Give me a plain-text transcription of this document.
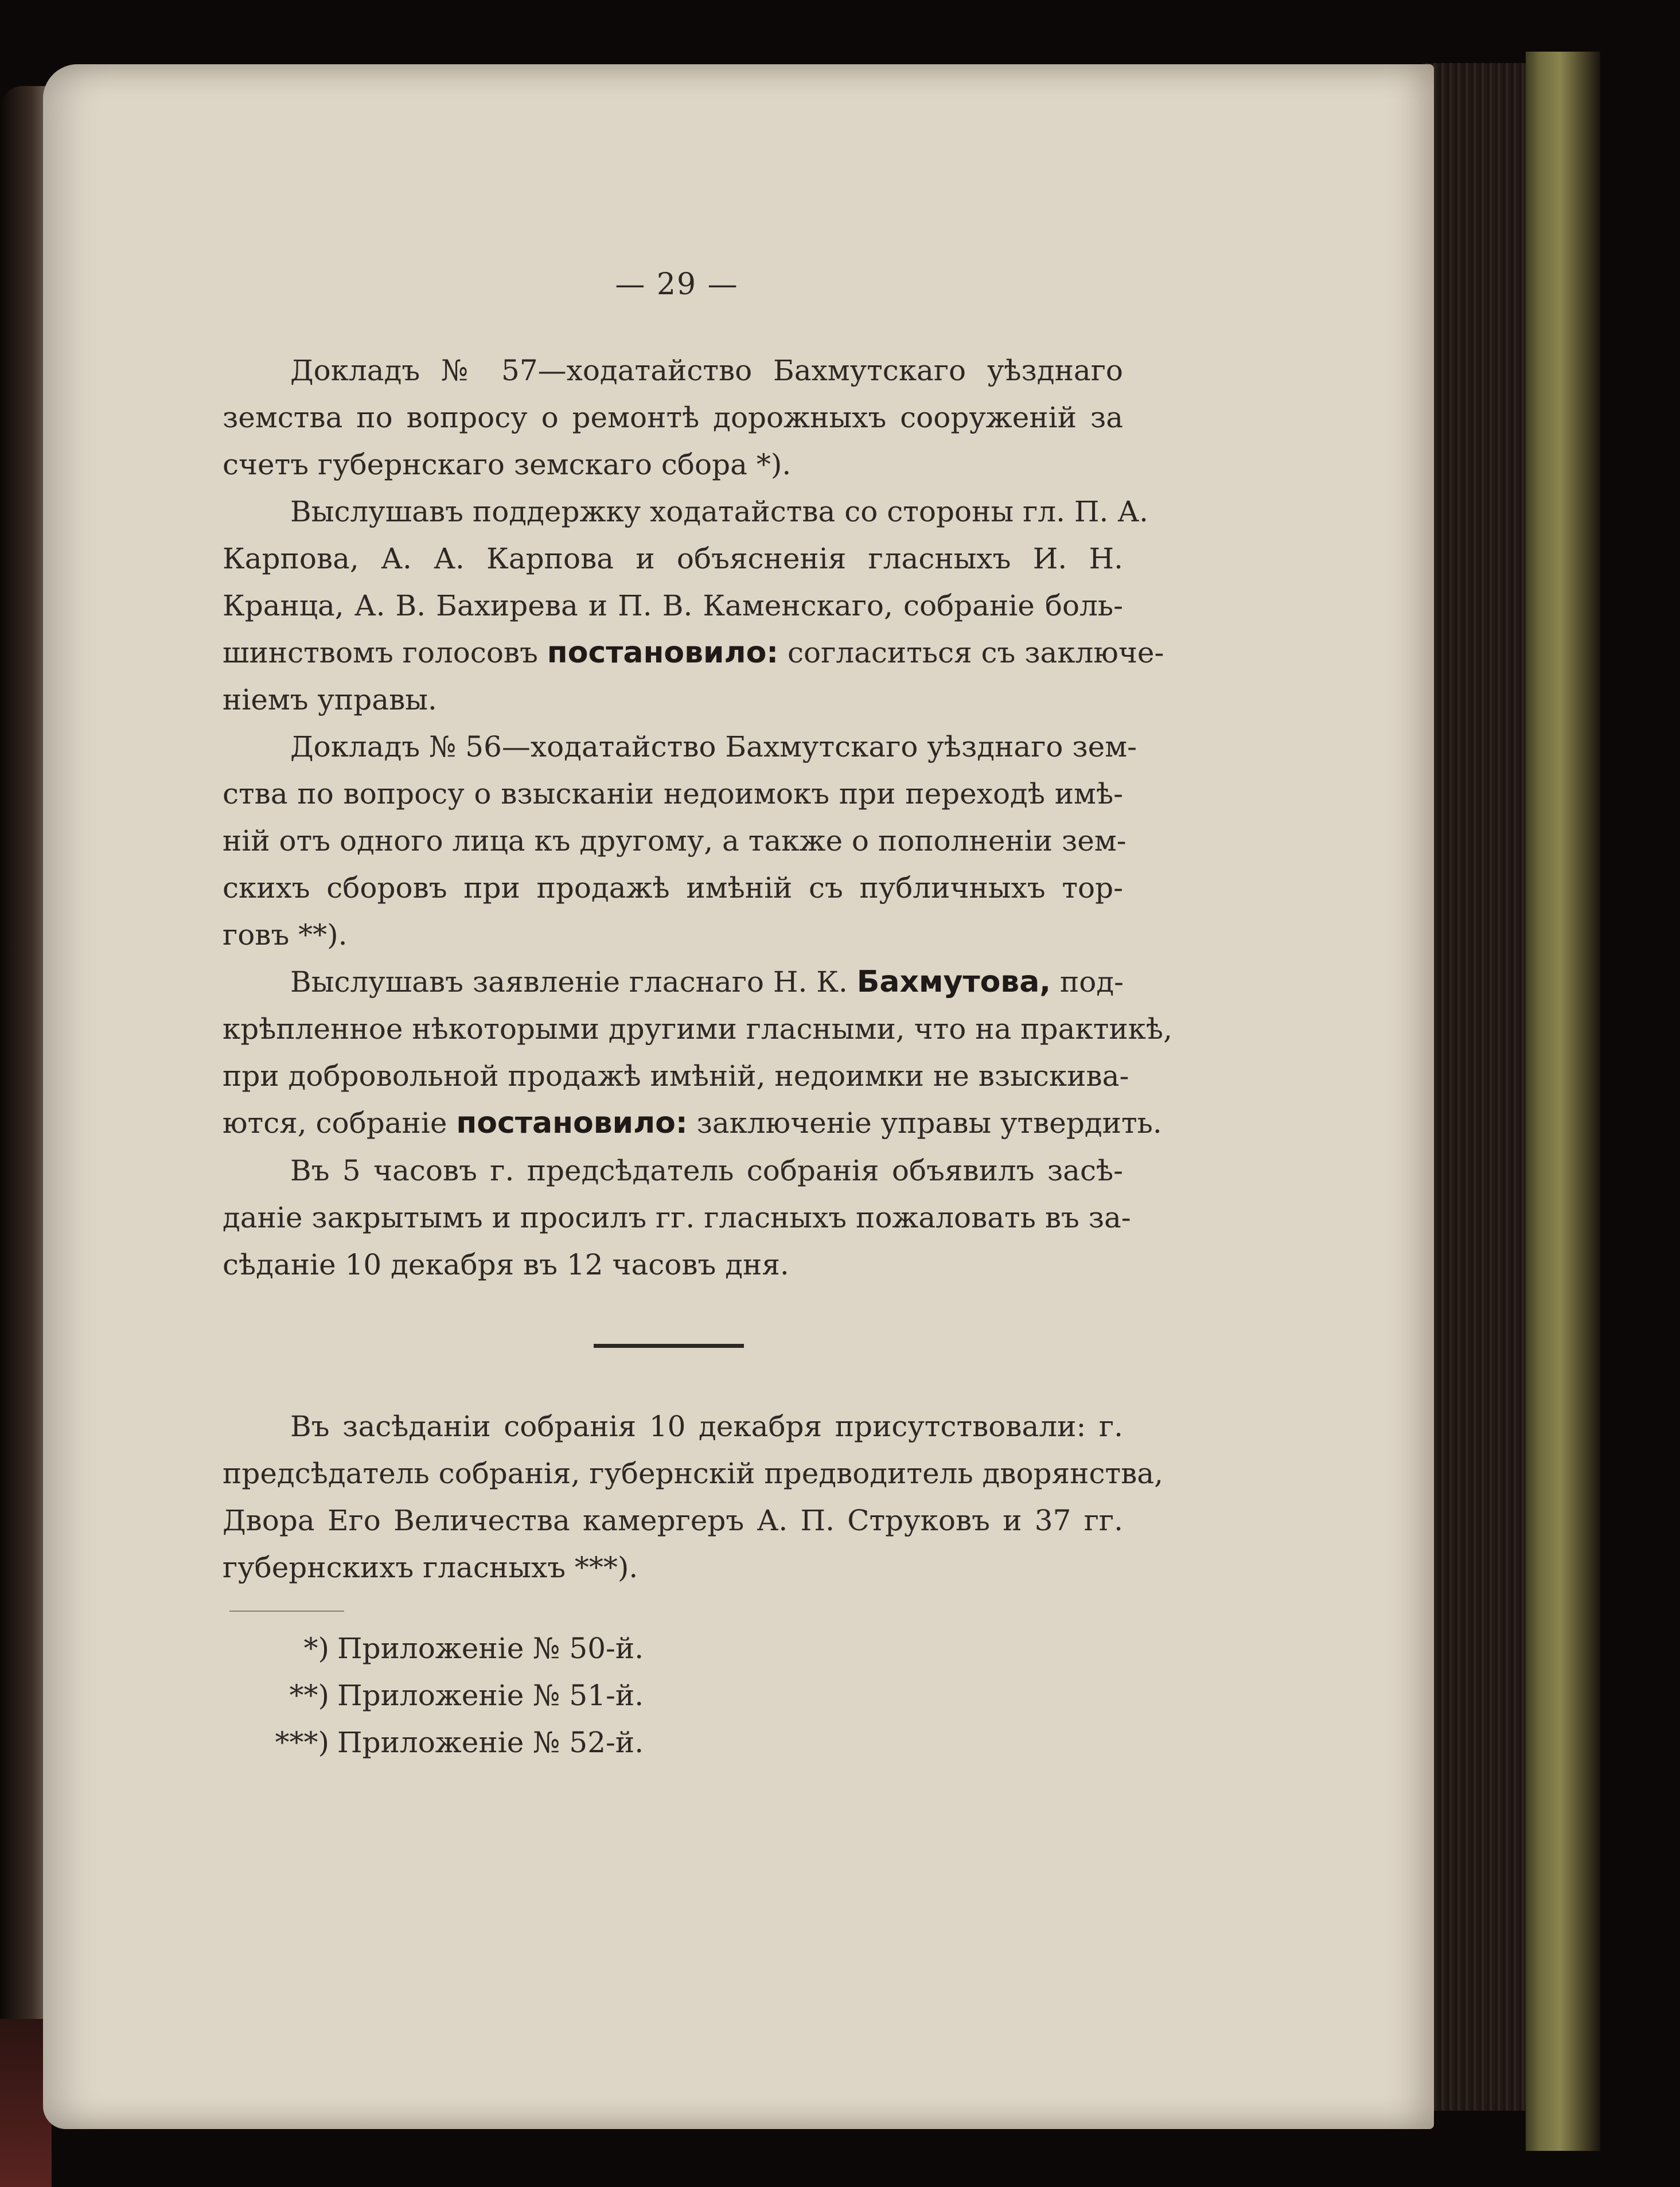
— 29 —
Докладъ № 57—ходатайство Бахмутскаго уѣзднаго
земства по вопросу о ремонтѣ дорожныхъ сооруженій за
счетъ губернскаго земскаго сбора *).
Выслушавъ поддержку ходатайства со стороны гл. П. А.
Карпова, А. А. Карпова и объясненія гласныхъ И. Н.
Кранца, А. В. Бахирева и П. В. Каменскаго, собраніе боль-
шинствомъ голосовъ постановило: согласиться съ заключе-
ніемъ управы.
Докладъ № 56—ходатайство Бахмутскаго уѣзднаго зем-
ства по вопросу о взысканіи недоимокъ при переходѣ имѣ-
ній отъ одного лица къ другому, а также о пополненіи зем-
скихъ сборовъ при продажѣ имѣній съ публичныхъ тор-
говъ **).
Выслушавъ заявленіе гласнаго Н. К. Бахмутова, под-
крѣпленное нѣкоторыми другими гласными, что на практикѣ,
при добровольной продажѣ имѣній, недоимки не взыскива-
ются, собраніе постановило: заключеніе управы утвердить.
Въ 5 часовъ г. предсѣдатель собранія объявилъ засѣ-
даніе закрытымъ и просилъ гг. гласныхъ пожаловать въ за-
сѣданіе 10 декабря въ 12 часовъ дня.
Въ засѣданіи собранія 10 декабря присутствовали: г.
предсѣдатель собранія, губернскій предводитель дворянства,
Двора Его Величества камергеръ А. П. Струковъ и 37 гг.
губернскихъ гласныхъ ***).
*) Приложеніе № 50-й.
**) Приложеніе № 51-й.
***) Приложеніе № 52-й.
